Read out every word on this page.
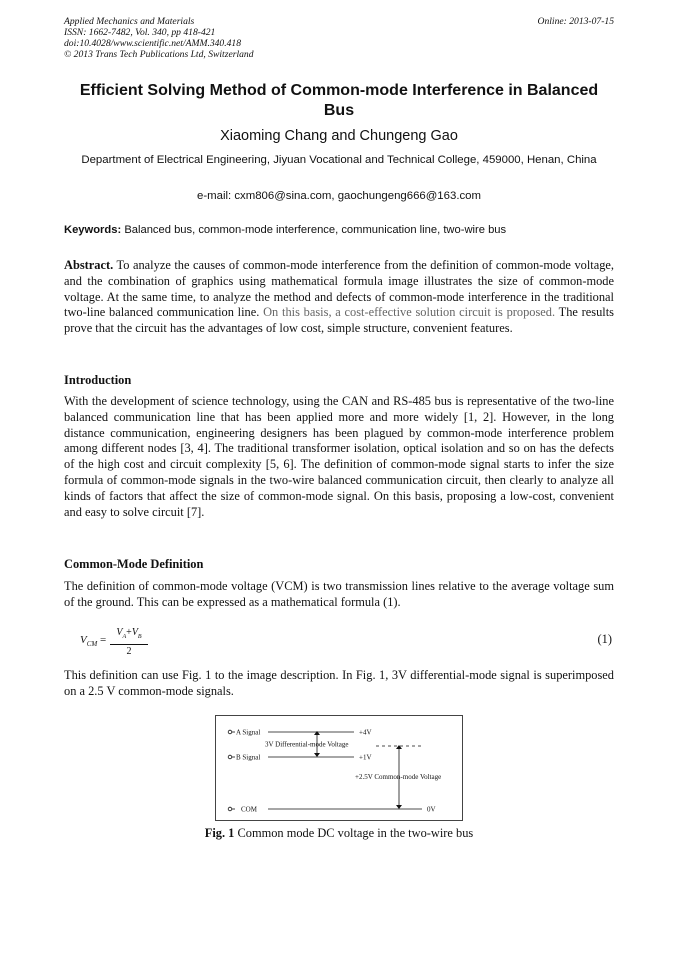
Applied Mechanics and Materials
ISSN: 1662-7482, Vol. 340, pp 418-421
doi:10.4028/www.scientific.net/AMM.340.418
© 2013 Trans Tech Publications Ltd, Switzerland
Online: 2013-07-15
Efficient Solving Method of Common-mode Interference in Balanced Bus
Xiaoming Chang and Chungeng Gao
Department of Electrical Engineering, Jiyuan Vocational and Technical College, 459000, Henan, China
e-mail: cxm806@sina.com, gaochungeng666@163.com
Keywords: Balanced bus, common-mode interference, communication line, two-wire bus
Abstract. To analyze the causes of common-mode interference from the definition of common-mode voltage, and the combination of graphics using mathematical formula image illustrates the size of common-mode voltage. At the same time, to analyze the method and defects of common-mode interference in the traditional two-line balanced communication line. On this basis, a cost-effective solution circuit is proposed. The results prove that the circuit has the advantages of low cost, simple structure, convenient features.
Introduction
With the development of science technology, using the CAN and RS-485 bus is representative of the two-line balanced communication line that has been applied more and more widely [1, 2]. However, in the long distance communication, engineering designers has been plagued by common-mode interference problem among different nodes [3, 4]. The traditional transformer isolation, optical isolation and so on has the defects of the high cost and circuit complexity [5, 6]. The definition of common-mode signal starts to infer the size formula of common-mode signals in the two-wire balanced communication circuit, then clearly to analyze all kinds of factors that affect the size of common-mode signal. On this basis, proposing a low-cost, convenient and easy to solve circuit [7].
Common-Mode Definition
The definition of common-mode voltage (VCM) is two transmission lines relative to the average voltage sum of the ground. This can be expressed as a mathematical formula (1).
$V_{CM}$ =
$V_A+V_B$
2
(1)
This definition can use Fig. 1 to the image description. In Fig. 1, 3V differential-mode signal is superimposed on a 2.5 V common-mode signals.
A Signal	+4V
3V Differential-mode Voltage
B Signal	+1V
+2.5V Common-mode Voltage
COM	0V
Fig. 1 Common mode DC voltage in the two-wire bus
